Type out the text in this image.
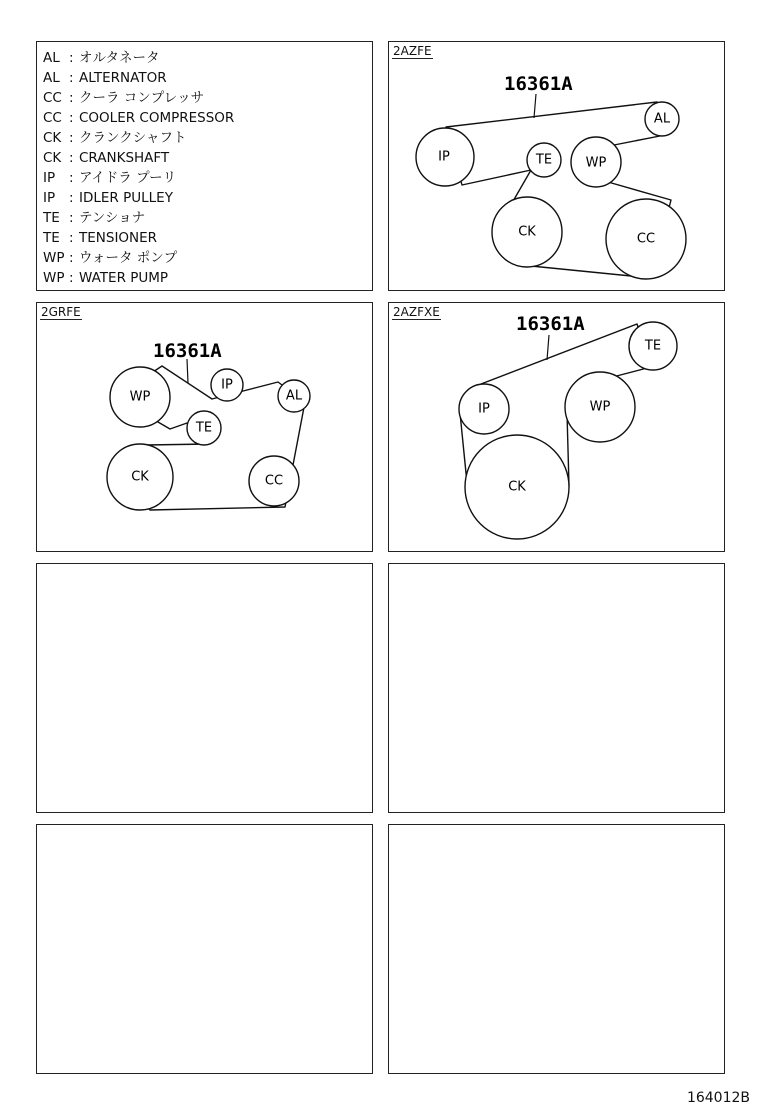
AL : オルタネータ
AL : ALTERNATOR
CC : クーラ コンプレッサ
CC : COOLER COMPRESSOR
CK : クランクシャフト
CK : CRANKSHAFT
IP : アイドラ プーリ
IP : IDLER PULLEY
TE : テンショナ
TE : TENSIONER
WP : ウォータ ポンプ
WP : WATER PUMP
2AZFE
16361A
IP
AL
TE	WP
CK	CC
2GRFE
16361A
WP
IP
AL
TE
CK	CC
2AZFXE
16361A
TE
IP	WP
CK
164012B
